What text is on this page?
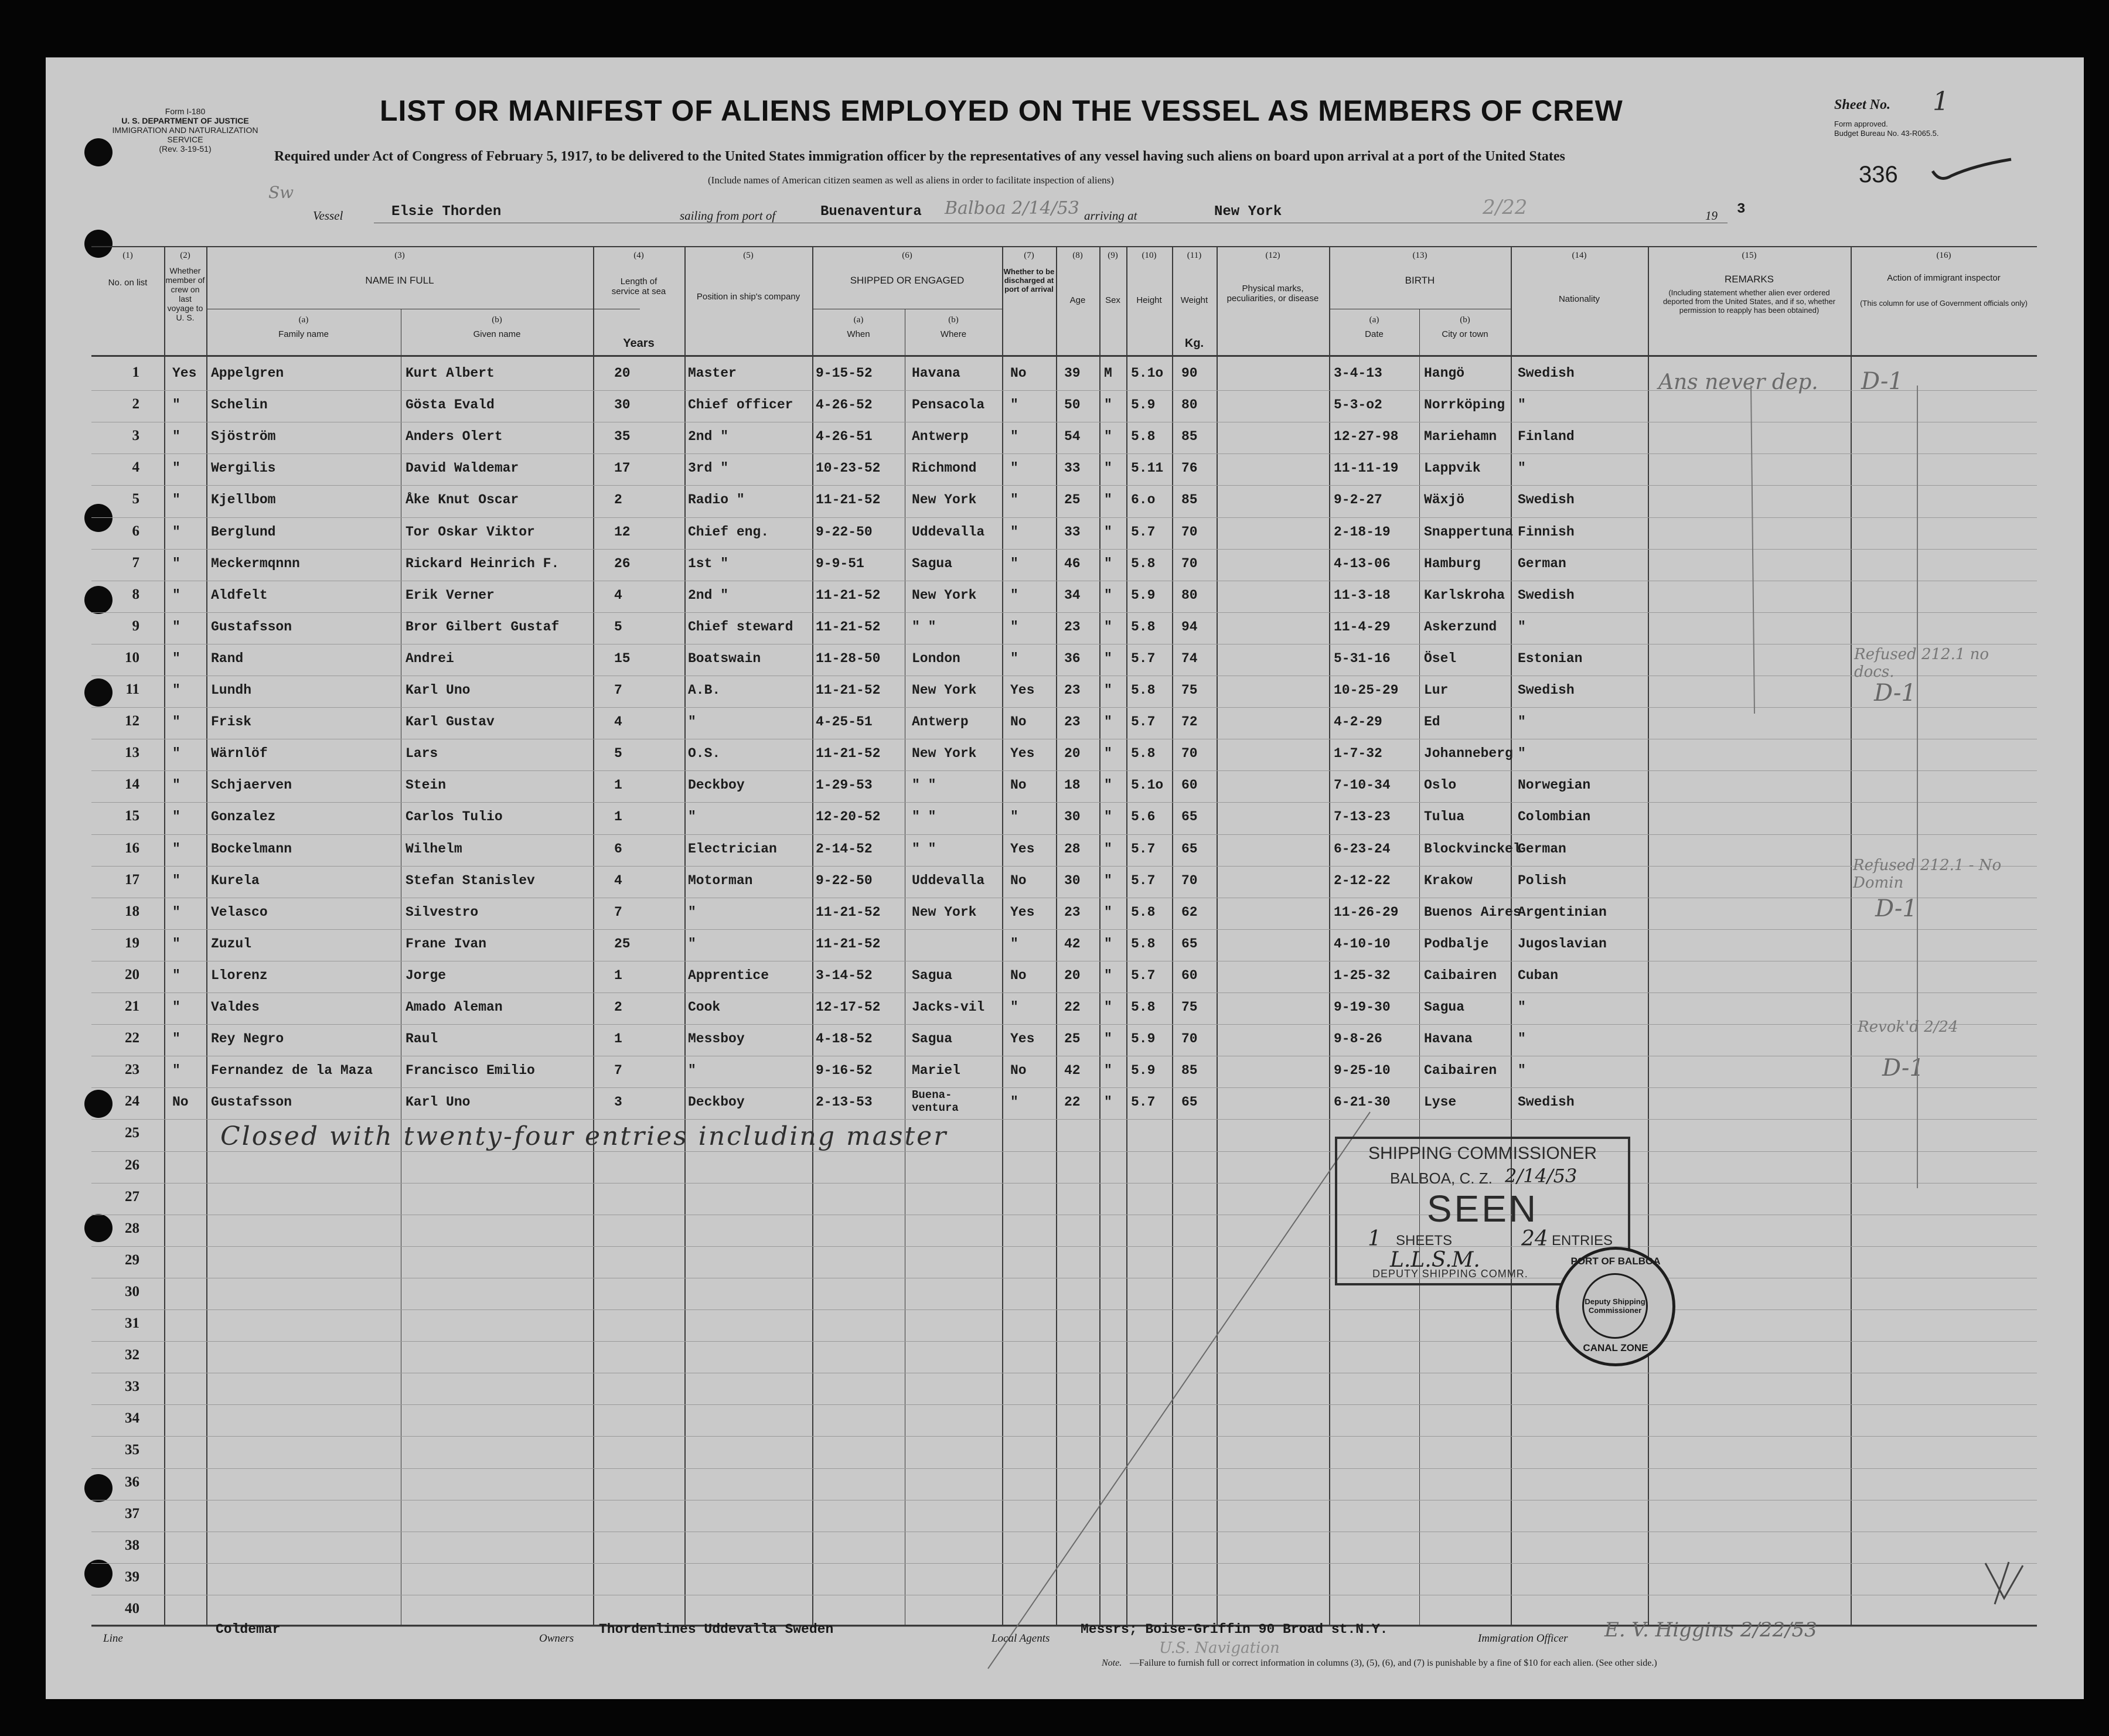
Form I-180
U. S. DEPARTMENT OF JUSTICE
IMMIGRATION AND NATURALIZATION SERVICE
(Rev. 3-19-51)
LIST OR MANIFEST OF ALIENS EMPLOYED ON THE VESSEL AS MEMBERS OF CREW	Sheet No. 1
Form approved.
Budget Bureau No. 43-R065.5.
Required under Act of Congress of February 5, 1917, to be delivered to the United States immigration officer by the representatives of any vessel having such aliens on board upon arrival at a port of the United States
(Include names of American citizen seamen as well as aliens in order to facilitate inspection of aliens)	336
Sw
Vessel	Elsie Thorden	sailing from port of	Buenaventura Balboa 2/14/53 arriving at	New York	2/22	19 3
(1)
No. on list
(2)
Whether member of crew on last voyage to U. S.
(3)
NAME IN FULL
(a)
Family name
(b)
Given name
(4)
Length of service at sea
Years
(5)
Position in ship's company
(6)
SHIPPED OR ENGAGED
(a)
When
(b)
Where
(7)
Whether to be discharged at port of arrival
(8)
Age
(9)
Sex
(10)
Height
(11)
Weight
Kg.
(12)
Physical marks, peculiarities, or disease
(13)
BIRTH
(a)
Date
(b)
City or town
(14)
Nationality
(15)
REMARKS
(Including statement whether alien ever ordered deported from the United States, and if so, whether permission to reapply has been obtained)
(16)
Action of immigrant inspector
(This column for use of Government officials only)
1 Yes Appelgren	Kurt Albert	20	Master	9-15-52	Havana	No	39 M 5.1o 90	3-4-13	Hangö	Swedish
2 " Schelin	Gösta Evald	30	Chief officer 4-26-52	Pensacola "	50 " 5.9 80	5-3-o2	Norrköping "
3 " Sjöström	Anders Olert	35	2nd "	4-26-51	Antwerp	"	54 " 5.8 85	12-27-98 Mariehamn Finland
4 " Wergilis	David Waldemar	17	3rd "	10-23-52 Richmond	"	33 " 5.11 76	11-11-19 Lappvik	"
5 " Kjellbom	Åke Knut Oscar	2	Radio "	11-21-52 New York	"	25 " 6.o 85	9-2-27	Wäxjö	Swedish
6 " Berglund	Tor Oskar Viktor	12	Chief eng.	9-22-50	Uddevalla "	33 " 5.7 70	2-18-19 Snappertuna Finnish
7 " Meckermqnnn	Rickard Heinrich F.	26	1st "	9-9-51	Sagua	"	46 " 5.8 70	4-13-06 Hamburg	German
8 " Aldfelt	Erik Verner	4	2nd "	11-21-52 New York	"	34 " 5.9 80	11-3-18 Karlskroha Swedish
9 " Gustafsson	Bror Gilbert Gustaf	5	Chief steward 11-21-52 " "	"	23 " 5.8 94	11-4-29 Askerzund "
10 " Rand	Andrei	15	Boatswain	11-28-50 London	"	36 " 5.7 74	5-31-16 Ösel	Estonian
11 " Lundh	Karl Uno	7	A.B.	11-21-52 New York	Yes 23 " 5.8 75	10-25-29 Lur	Swedish
12 " Frisk	Karl Gustav	4	"	4-25-51	Antwerp	No	23 " 5.7 72	4-2-29	Ed	"
13 " Wärnlöf	Lars	5	O.S.	11-21-52 New York	Yes 20 " 5.8 70	1-7-32	Johanneberg "
14 " Schjaerven	Stein	1	Deckboy	1-29-53	" "	No	18 " 5.1o 60	7-10-34 Oslo	Norwegian
15 " Gonzalez	Carlos Tulio	1	"	12-20-52 " "	"	30 " 5.6 65	7-13-23 Tulua	Colombian
16 " Bockelmann	Wilhelm	6	Electrician	2-14-52	" "	Yes 28 " 5.7 65	6-23-24 Blockvinckel
German
17 " Kurela	Stefan Stanislev	4	Motorman	9-22-50	Uddevalla No	30 " 5.7 70	2-12-22 Krakow	Polish
18 " Velasco	Silvestro	7	"	11-21-52 New York	Yes 23 " 5.8 62	11-26-29 Buenos Aires
Argentinian
19 " Zuzul	Frane Ivan	25	"	11-21-52	"	42 " 5.8 65	4-10-10 Podbalje Jugoslavian
20 " Llorenz	Jorge	1	Apprentice	3-14-52	Sagua	No	20 " 5.7 60	1-25-32 Caibairen Cuban
21 " Valdes	Amado Aleman	2	Cook	12-17-52 Jacks-vil "	22 " 5.8 75	9-19-30 Sagua	"
22 " Rey Negro	Raul	1	Messboy	4-18-52	Sagua	Yes 25 " 5.9 70	9-8-26	Havana	"
23 " Fernandez de la Maza Francisco Emilio	7	"	9-16-52	Mariel	No	42 " 5.9 85	9-25-10 Caibairen "
24 No Gustafsson	Karl Uno	3	Deckboy	2-13-53	Buena-
ventura	"	22 " 5.7 65	6-21-30 Lyse	Swedish
25
26
27
28
29
30
31
32
33
34
35
36
37
38
39
40
Closed with twenty-four entries including master
Ans never dep. D-1
Refused 212.1 no docs.
D-1
Refused 212.1 - No Domin
D-1
Revok'd 2/24
D-1
SHIPPING COMMISSIONER
BALBOA, C. Z. 2/14/53
SEEN
1 SHEETS	24 ENTRIES
L.L.S.M.
DEPUTY SHIPPING COMMR.
PORT OF BALBOA
Deputy Shipping Commissioner
CANAL ZONE
Line
Coldemar
Owners
Thordenlines Uddevalla Sweden
Local Agents
Messrs; Boise-Griffin 90 Broad st.N.Y.
U.S. Navigation
Immigration Officer E. V. Higgins 2/22/53
Note. —Failure to furnish full or correct information in columns (3), (5), (6), and (7) is punishable by a fine of $10 for each alien. (See other side.)
